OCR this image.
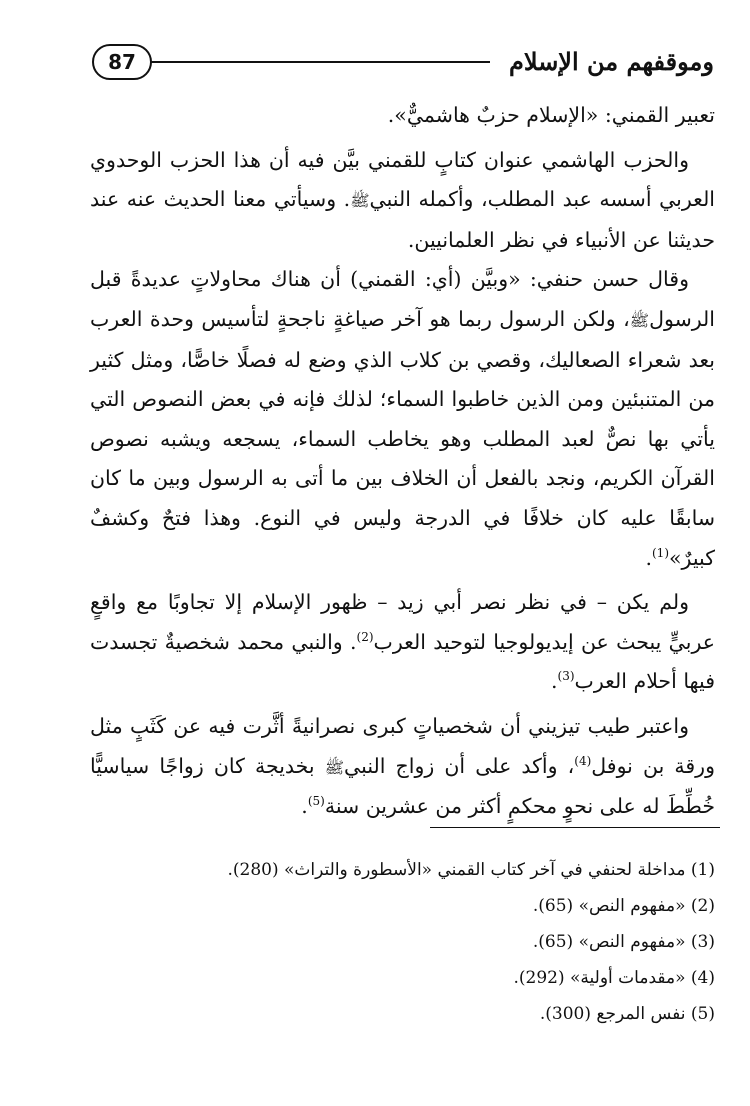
87	وموقفهم من الإسلام

تعبير القمني: «الإسلام حزبٌ هاشميٌّ».

والحزب الهاشمي عنوان كتابٍ للقمني بيَّن فيه أن هذا الحزب الوحدوي العربي أسسه عبد المطلب، وأكمله النبيﷺ. وسيأتي معنا الحديث عنه عند حديثنا عن الأنبياء في نظر العلمانيين.

وقال حسن حنفي: «وبيَّن (أي: القمني) أن هناك محاولاتٍ عديدةً قبل الرسولﷺ، ولكن الرسول ربما هو آخر صياغةٍ ناجحةٍ لتأسيس وحدة العرب بعد شعراء الصعاليك، وقصي بن كلاب الذي وضع له فصلًا خاصًّا، ومثل كثير من المتنبئين ومن الذين خاطبوا السماء؛ لذلك فإنه في بعض النصوص التي يأتي بها نصٌّ لعبد المطلب وهو يخاطب السماء، يسجعه ويشبه نصوص القرآن الكريم، ونجد بالفعل أن الخلاف بين ما أتى به الرسول وبين ما كان سابقًا عليه كان خلافًا في الدرجة وليس في النوع. وهذا فتحٌ وكشفٌ كبيرٌ»$^{(1)}$.

ولم يكن – في نظر نصر أبي زيد – ظهور الإسلام إلا تجاوبًا مع واقعٍ عربيٍّ يبحث عن إيديولوجيا لتوحيد العرب$^{(2)}$. والنبي محمد شخصيةٌ تجسدت فيها أحلام العرب$^{(3)}$.

واعتبر طيب تيزيني أن شخصياتٍ كبرى نصرانيةً أثَّرت فيه عن كَثَبٍ مثل ورقة بن نوفل$^{(4)}$، وأكد على أن زواج النبيﷺ بخديجة كان زواجًا سياسيًّا خُطِّطَ له على نحوٍ محكمٍ أكثر من عشرين سنة$^{(5)}$.

(1) مداخلة لحنفي في آخر كتاب القمني «الأسطورة والتراث» (280).
(2) «مفهوم النص» (65).
(3) «مفهوم النص» (65).
(4) «مقدمات أولية» (292).
(5) نفس المرجع (300).
